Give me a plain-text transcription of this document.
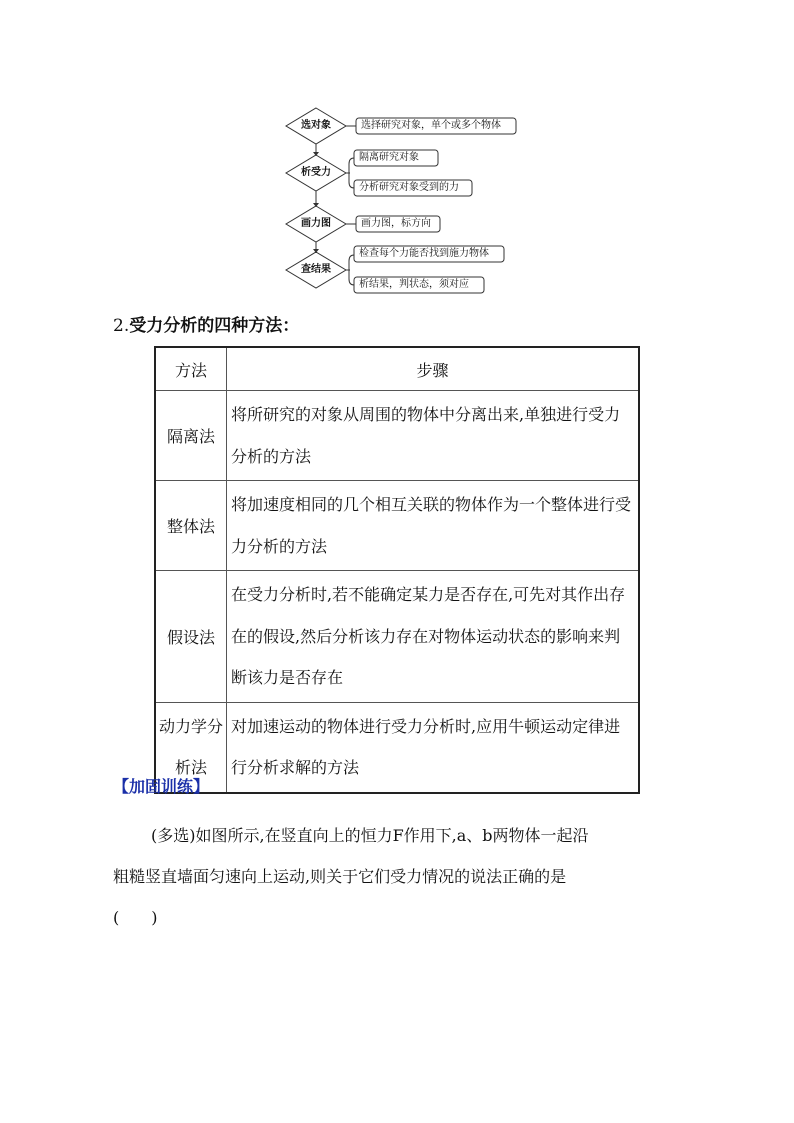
选对象
析受力
画力图
查结果
选择研究对象，单个或多个物体
隔离研究对象
分析研究对象受到的力
画力图，标方向
检查每个力能否找到施力物体
析结果，判状态，须对应
2.受力分析的四种方法：
方法	步骤
隔离法	将所研究的对象从周围的物体中分离出来,单独进行受力分析的方法
整体法	将加速度相同的几个相互关联的物体作为一个整体进行受力分析的方法
假设法	在受力分析时,若不能确定某力是否存在,可先对其作出存在的假设,然后分析该力存在对物体运动状态的影响来判断该力是否存在
动力学分析法	对加速运动的物体进行受力分析时,应用牛顿运动定律进行分析求解的方法
【加固训练】
(多选)如图所示,在竖直向上的恒力F作用下,a、b两物体一起沿
粗糙竖直墙面匀速向上运动,则关于它们受力情况的说法正确的是
(　　)
